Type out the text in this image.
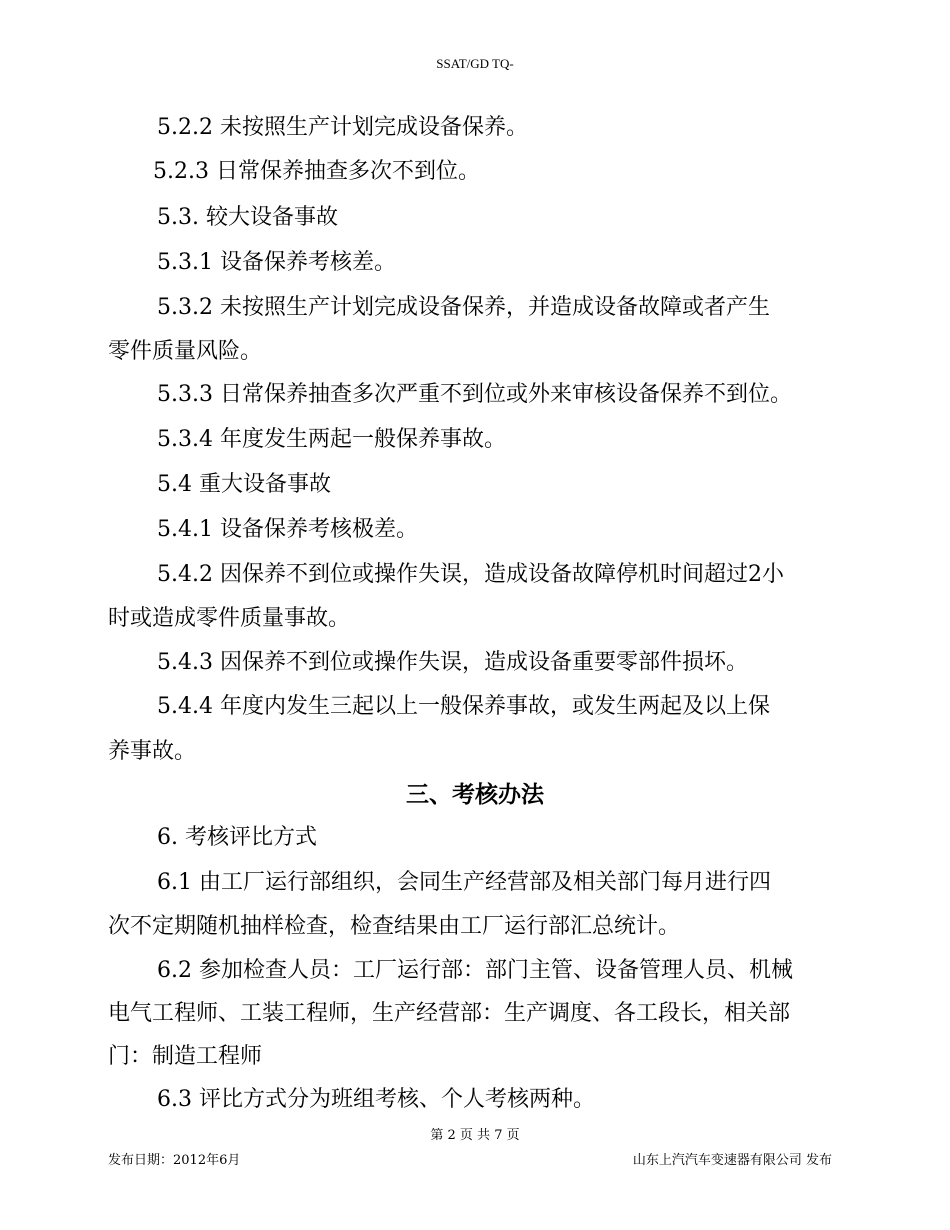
SSAT/GD TQ-
5.2.2 未按照生产计划完成设备保养。
5.2.3 日常保养抽查多次不到位。
5.3. 较大设备事故
5.3.1 设备保养考核差。
5.3.2 未按照生产计划完成设备保养，并造成设备故障或者产生
零件质量风险。
5.3.3 日常保养抽查多次严重不到位或外来审核设备保养不到位。
5.3.4 年度发生两起一般保养事故。
5.4 重大设备事故
5.4.1 设备保养考核极差。
5.4.2 因保养不到位或操作失误，造成设备故障停机时间超过2小
时或造成零件质量事故。
5.4.3 因保养不到位或操作失误，造成设备重要零部件损坏。
5.4.4 年度内发生三起以上一般保养事故，或发生两起及以上保
养事故。
三、考核办法
6. 考核评比方式
6.1 由工厂运行部组织，会同生产经营部及相关部门每月进行四
次不定期随机抽样检查，检查结果由工厂运行部汇总统计。
6.2 参加检查人员：工厂运行部：部门主管、设备管理人员、机械
电气工程师、工装工程师，生产经营部：生产调度、各工段长，相关部
门：制造工程师
6.3 评比方式分为班组考核、个人考核两种。
第 2 页 共 7 页
发布日期：2012年6月	山东上汽汽车变速器有限公司 发布
